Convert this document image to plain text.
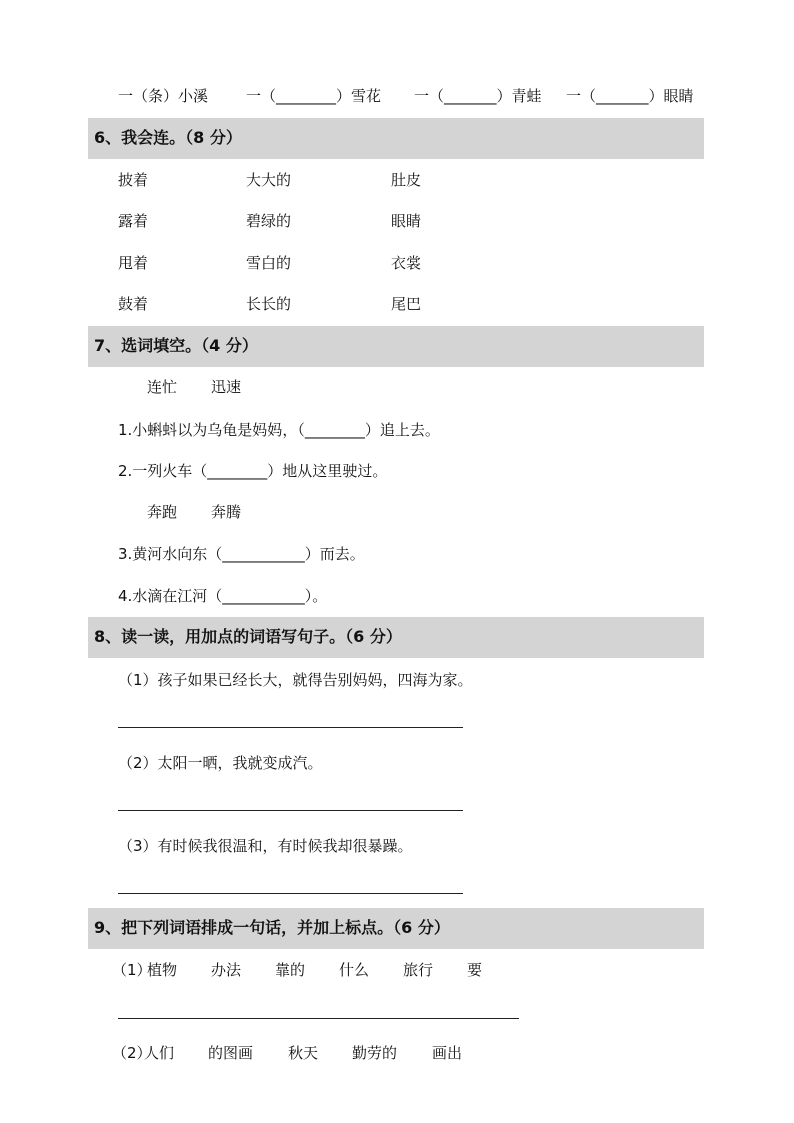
一（条）小溪	一（________）雪花 一（_______）青蛙 一（_______）眼睛
6、我会连。（8 分）
披着
露着
甩着
鼓着
大大的
碧绿的
雪白的
长长的
肚皮
眼睛
衣裳
尾巴
7、选词填空。（4 分）
连忙 迅速
1.小蝌蚪以为乌龟是妈妈，（________）追上去。
2.一列火车（________）地从这里驶过。
奔跑 奔腾
3.黄河水向东（___________）而去。
4.水滴在江河（___________）。
8、读一读，用加点的词语写句子。（6 分）
（1）孩子如果已经长大，就得告别妈妈，四海为家。
（2）太阳一晒，我就变成汽。
（3）有时候我很温和，有时候我却很暴躁。
9、把下列词语排成一句话，并加上标点。（6 分）
（1）
植物 办法 靠的 什么 旅行 要
（2）
人们 的图画 秋天 勤劳的 画出
